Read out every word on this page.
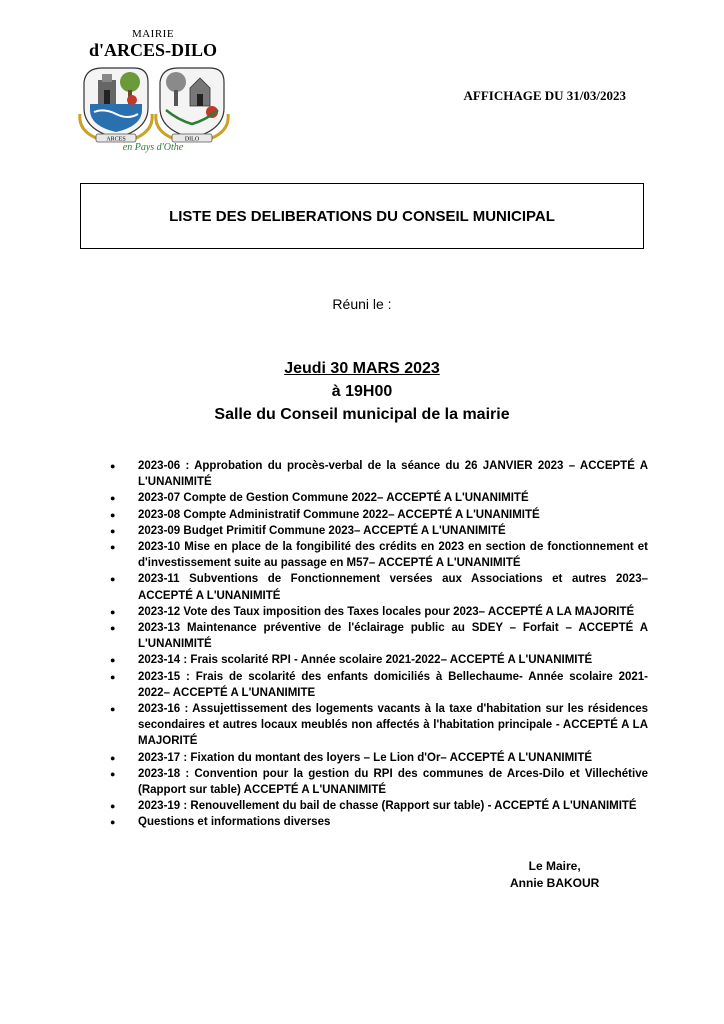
MAIRIE
d'ARCES-DILO
ARCES	DILO
en Pays d'Othe
AFFICHAGE DU 31/03/2023
LISTE DES DELIBERATIONS DU CONSEIL MUNICIPAL
Réuni le :
Jeudi 30 MARS 2023
à 19H00
Salle du Conseil municipal de la mairie
● 2023-06 : Approbation du procès-verbal de la séance du 26 JANVIER 2023 – ACCEPTÉ A L'UNANIMITÉ
● 2023-07 Compte de Gestion Commune 2022– ACCEPTÉ A L'UNANIMITÉ
● 2023-08 Compte Administratif Commune 2022– ACCEPTÉ A L'UNANIMITÉ
● 2023-09 Budget Primitif Commune 2023– ACCEPTÉ A L'UNANIMITÉ
● 2023-10 Mise en place de la fongibilité des crédits en 2023 en section de fonctionnement et d'investissement suite au passage en M57– ACCEPTÉ A L'UNANIMITÉ
● 2023-11 Subventions de Fonctionnement versées aux Associations et autres 2023– ACCEPTÉ A L'UNANIMITÉ
● 2023-12 Vote des Taux imposition des Taxes locales pour 2023– ACCEPTÉ A LA MAJORITÉ
● 2023-13 Maintenance préventive de l'éclairage public au SDEY – Forfait – ACCEPTÉ A L'UNANIMITÉ
● 2023-14 : Frais scolarité RPI - Année scolaire 2021-2022– ACCEPTÉ A L'UNANIMITÉ
● 2023-15 : Frais de scolarité des enfants domiciliés à Bellechaume- Année scolaire 2021-2022– ACCEPTÉ A L'UNANIMITE
● 2023-16 : Assujettissement des logements vacants à la taxe d'habitation sur les résidences secondaires et autres locaux meublés non affectés à l'habitation principale - ACCEPTÉ A LA MAJORITÉ
● 2023-17 : Fixation du montant des loyers – Le Lion d'Or– ACCEPTÉ A L'UNANIMITÉ
● 2023-18 : Convention pour la gestion du RPI des communes de Arces-Dilo et Villechétive (Rapport sur table) ACCEPTÉ A L'UNANIMITÉ
● 2023-19 : Renouvellement du bail de chasse (Rapport sur table) - ACCEPTÉ A L'UNANIMITÉ
● Questions et informations diverses
Le Maire,
Annie BAKOUR
